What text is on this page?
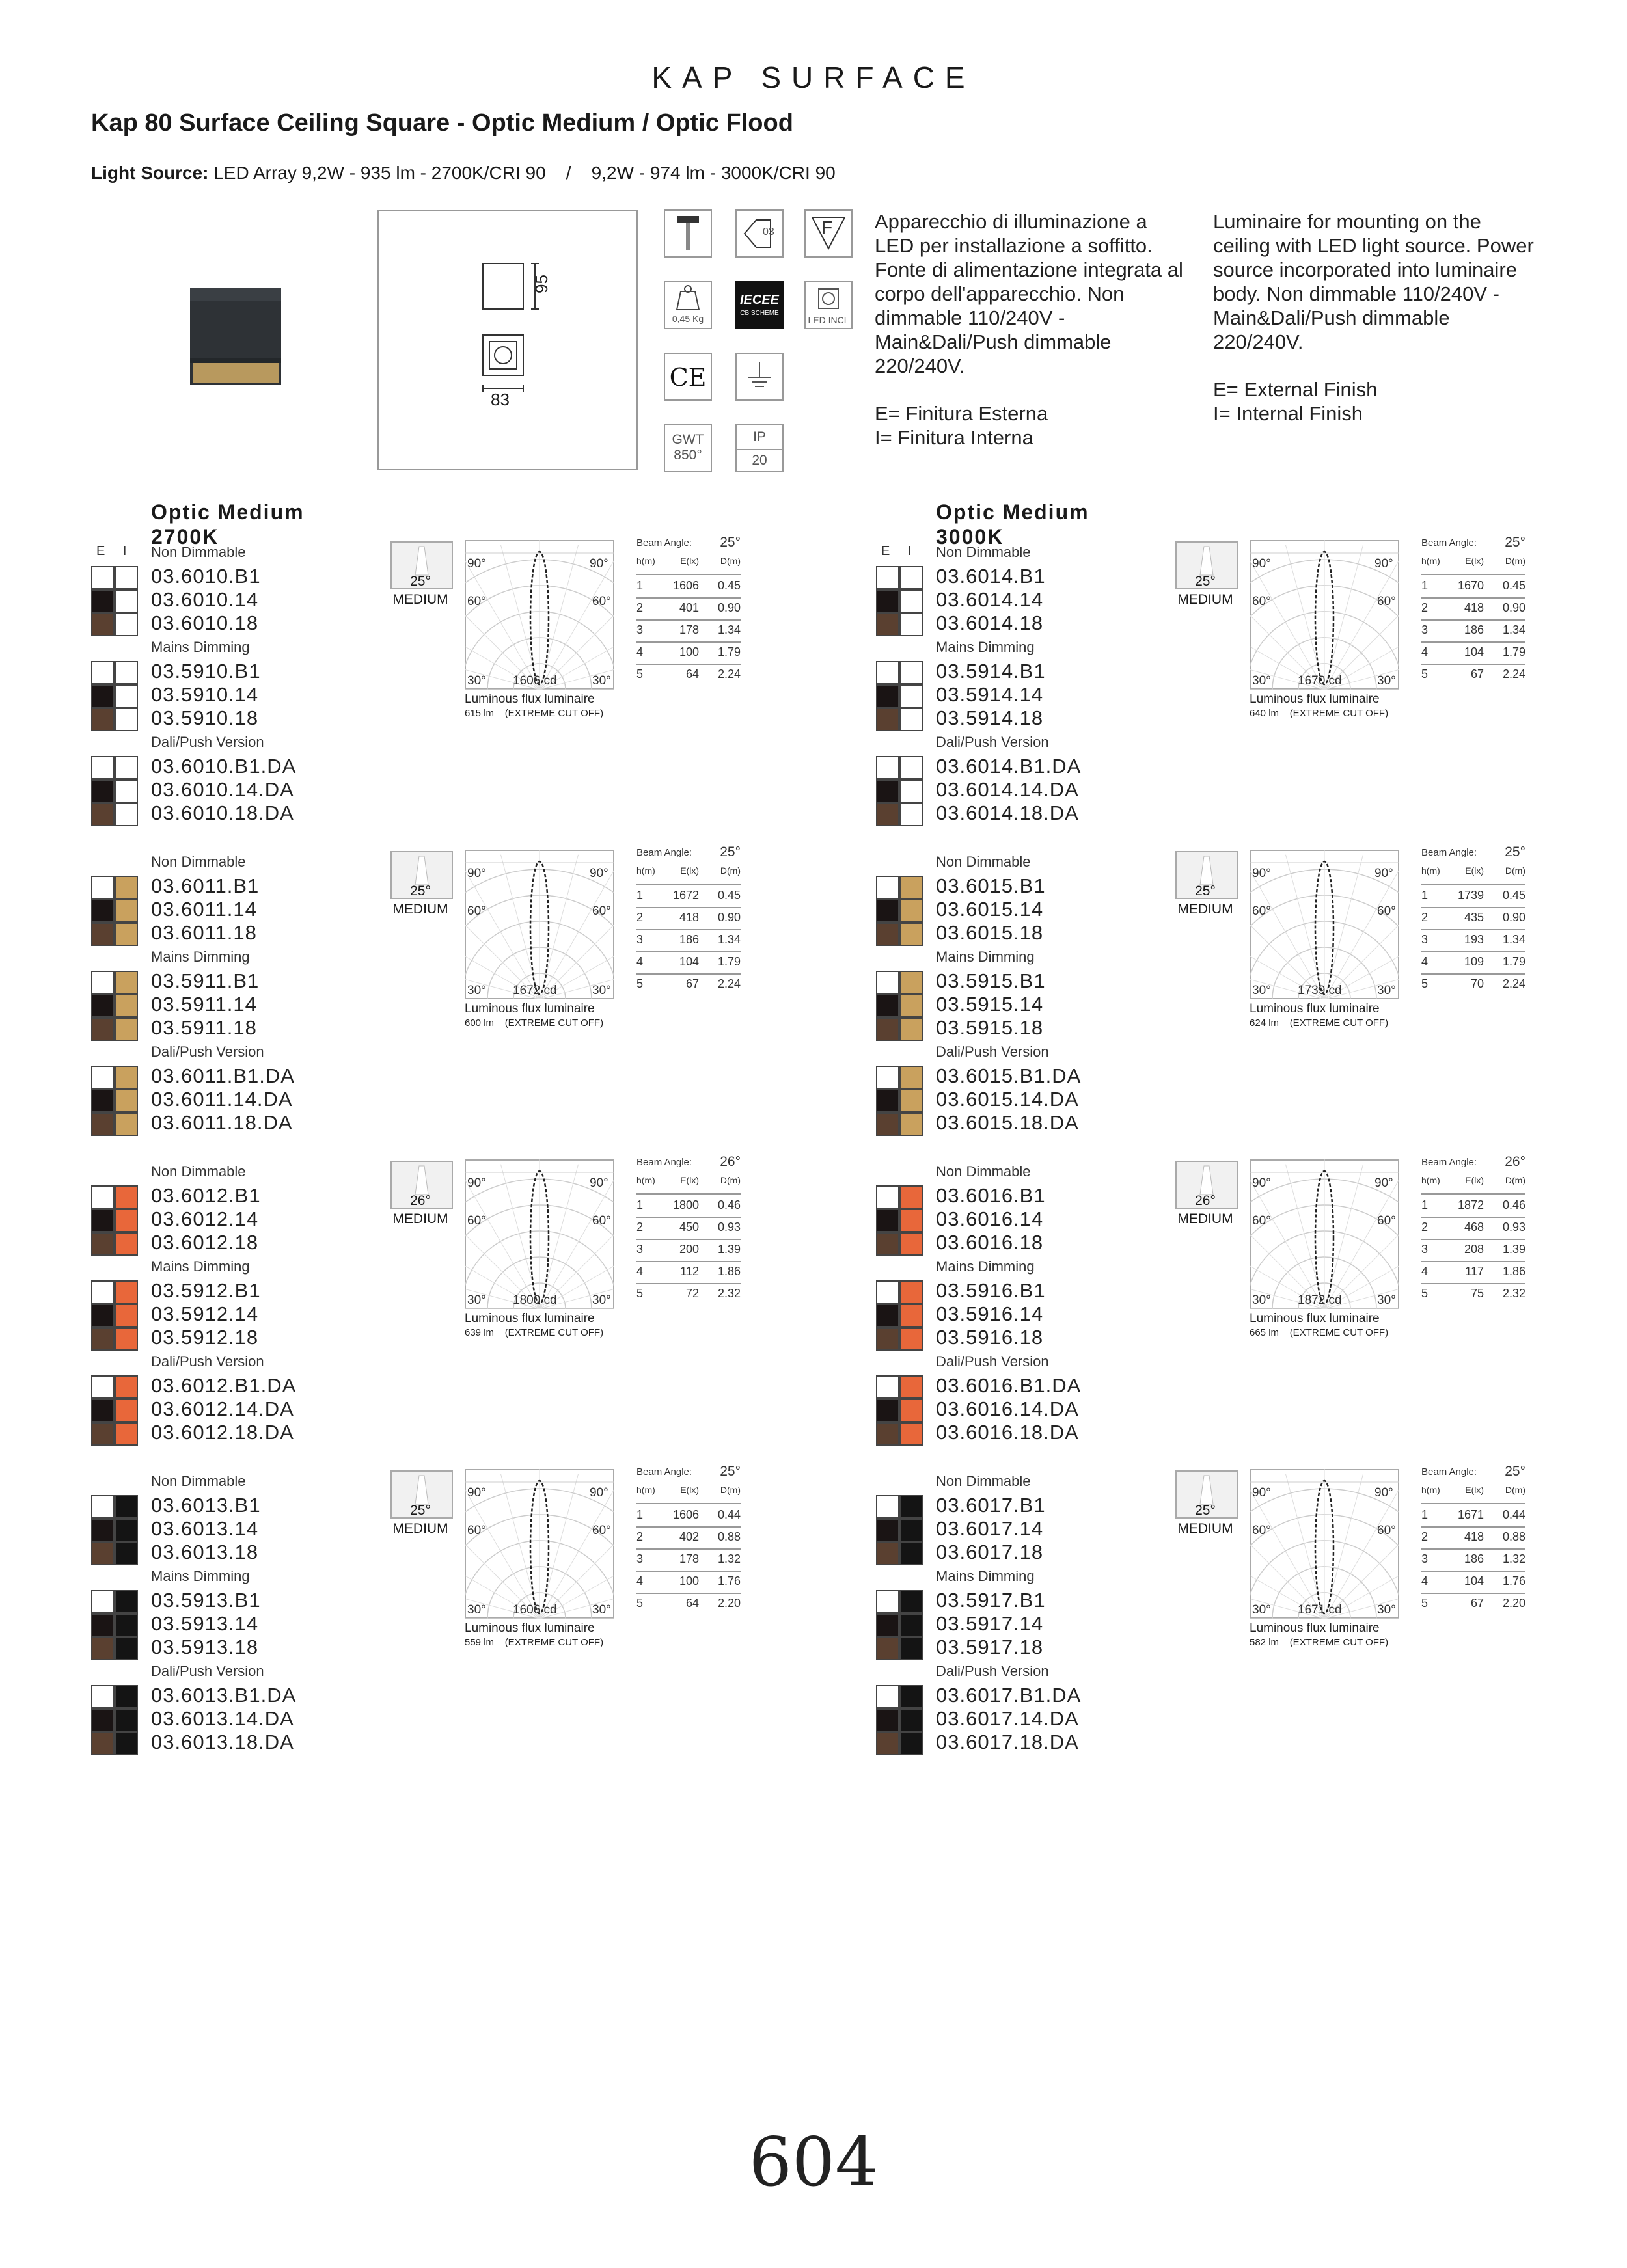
KAP SURFACE
Kap 80 Surface Ceiling Square - Optic Medium / Optic Flood
Light Source: LED Array 9,2W - 935 lm - 2700K/CRI 90    /    9,2W - 974 lm - 3000K/CRI 90
95
83
03	F
0,45 Kg
IECEE
CB SCHEME
LED INCL
CE
GWT
850°
IP
20
Apparecchio di illuminazione a LED per installazione a soffitto. Fonte di alimentazione integrata al corpo dell'apparecchio. Non dimmable 110/240V - Main&Dali/Push dimmable 220/240V.
E= Finitura Esterna
I= Finitura Interna
Luminaire for mounting on the ceiling with LED light source. Power source incorporated into luminaire body. Non dimmable 110/240V - Main&Dali/Push dimmable 220/240V.
E= External Finish
I= Internal Finish
Optic Medium
2700K
E I Non Dimmable
03.6010.B1
03.6010.14
03.6010.18
Mains Dimming
03.5910.B1
03.5910.14
03.5910.18
Dali/Push Version
03.6010.B1.DA
03.6010.14.DA
03.6010.18.DA
25°
MEDIUM
90°	90°
60°	60°
30°	30°
1606 cd
Luminous flux luminaire
615 lm    (EXTREME CUT OFF)
Beam Angle: 25°
h(m)	E(lx) D(m)
1	1606 0.45
2	401 0.90
3	178 1.34
4	100 1.79
5	64 2.24
Optic Medium
3000K
E I Non Dimmable
03.6014.B1
03.6014.14
03.6014.18
Mains Dimming
03.5914.B1
03.5914.14
03.5914.18
Dali/Push Version
03.6014.B1.DA
03.6014.14.DA
03.6014.18.DA
25°
MEDIUM
90°	90°
60°	60°
30°	30°
1670 cd
Luminous flux luminaire
640 lm    (EXTREME CUT OFF)
Beam Angle: 25°
h(m)	E(lx) D(m)
1	1670 0.45
2	418 0.90
3	186 1.34
4	104 1.79
5	67 2.24
Non Dimmable
03.6011.B1
03.6011.14
03.6011.18
Mains Dimming
03.5911.B1
03.5911.14
03.5911.18
Dali/Push Version
03.6011.B1.DA
03.6011.14.DA
03.6011.18.DA
25°
MEDIUM
90°	90°
60°	60°
30°	30°
1672 cd
Luminous flux luminaire
600 lm    (EXTREME CUT OFF)
Beam Angle: 25°
h(m)	E(lx) D(m)
1	1672 0.45
2	418 0.90
3	186 1.34
4	104 1.79
5	67 2.24
Non Dimmable
03.6015.B1
03.6015.14
03.6015.18
Mains Dimming
03.5915.B1
03.5915.14
03.5915.18
Dali/Push Version
03.6015.B1.DA
03.6015.14.DA
03.6015.18.DA
25°
MEDIUM
90°	90°
60°	60°
30°	30°
1739 cd
Luminous flux luminaire
624 lm    (EXTREME CUT OFF)
Beam Angle: 25°
h(m)	E(lx) D(m)
1	1739 0.45
2	435 0.90
3	193 1.34
4	109 1.79
5	70 2.24
Non Dimmable
03.6012.B1
03.6012.14
03.6012.18
Mains Dimming
03.5912.B1
03.5912.14
03.5912.18
Dali/Push Version
03.6012.B1.DA
03.6012.14.DA
03.6012.18.DA
26°
MEDIUM
90°	90°
60°	60°
30°	30°
1800 cd
Luminous flux luminaire
639 lm    (EXTREME CUT OFF)
Beam Angle: 26°
h(m)	E(lx) D(m)
1	1800 0.46
2	450 0.93
3	200 1.39
4	112 1.86
5	72 2.32
Non Dimmable
03.6016.B1
03.6016.14
03.6016.18
Mains Dimming
03.5916.B1
03.5916.14
03.5916.18
Dali/Push Version
03.6016.B1.DA
03.6016.14.DA
03.6016.18.DA
26°
MEDIUM
90°	90°
60°	60°
30°	30°
1872 cd
Luminous flux luminaire
665 lm    (EXTREME CUT OFF)
Beam Angle: 26°
h(m)	E(lx) D(m)
1	1872 0.46
2	468 0.93
3	208 1.39
4	117 1.86
5	75 2.32
Non Dimmable
03.6013.B1
03.6013.14
03.6013.18
Mains Dimming
03.5913.B1
03.5913.14
03.5913.18
Dali/Push Version
03.6013.B1.DA
03.6013.14.DA
03.6013.18.DA
25°
MEDIUM
90°	90°
60°	60°
30°	30°
1606 cd
Luminous flux luminaire
559 lm    (EXTREME CUT OFF)
Beam Angle: 25°
h(m)	E(lx) D(m)
1	1606 0.44
2	402 0.88
3	178 1.32
4	100 1.76
5	64 2.20
Non Dimmable
03.6017.B1
03.6017.14
03.6017.18
Mains Dimming
03.5917.B1
03.5917.14
03.5917.18
Dali/Push Version
03.6017.B1.DA
03.6017.14.DA
03.6017.18.DA
25°
MEDIUM
90°	90°
60°	60°
30°	30°
1671 cd
Luminous flux luminaire
582 lm    (EXTREME CUT OFF)
Beam Angle: 25°
h(m)	E(lx) D(m)
1	1671 0.44
2	418 0.88
3	186 1.32
4	104 1.76
5	67 2.20
604
